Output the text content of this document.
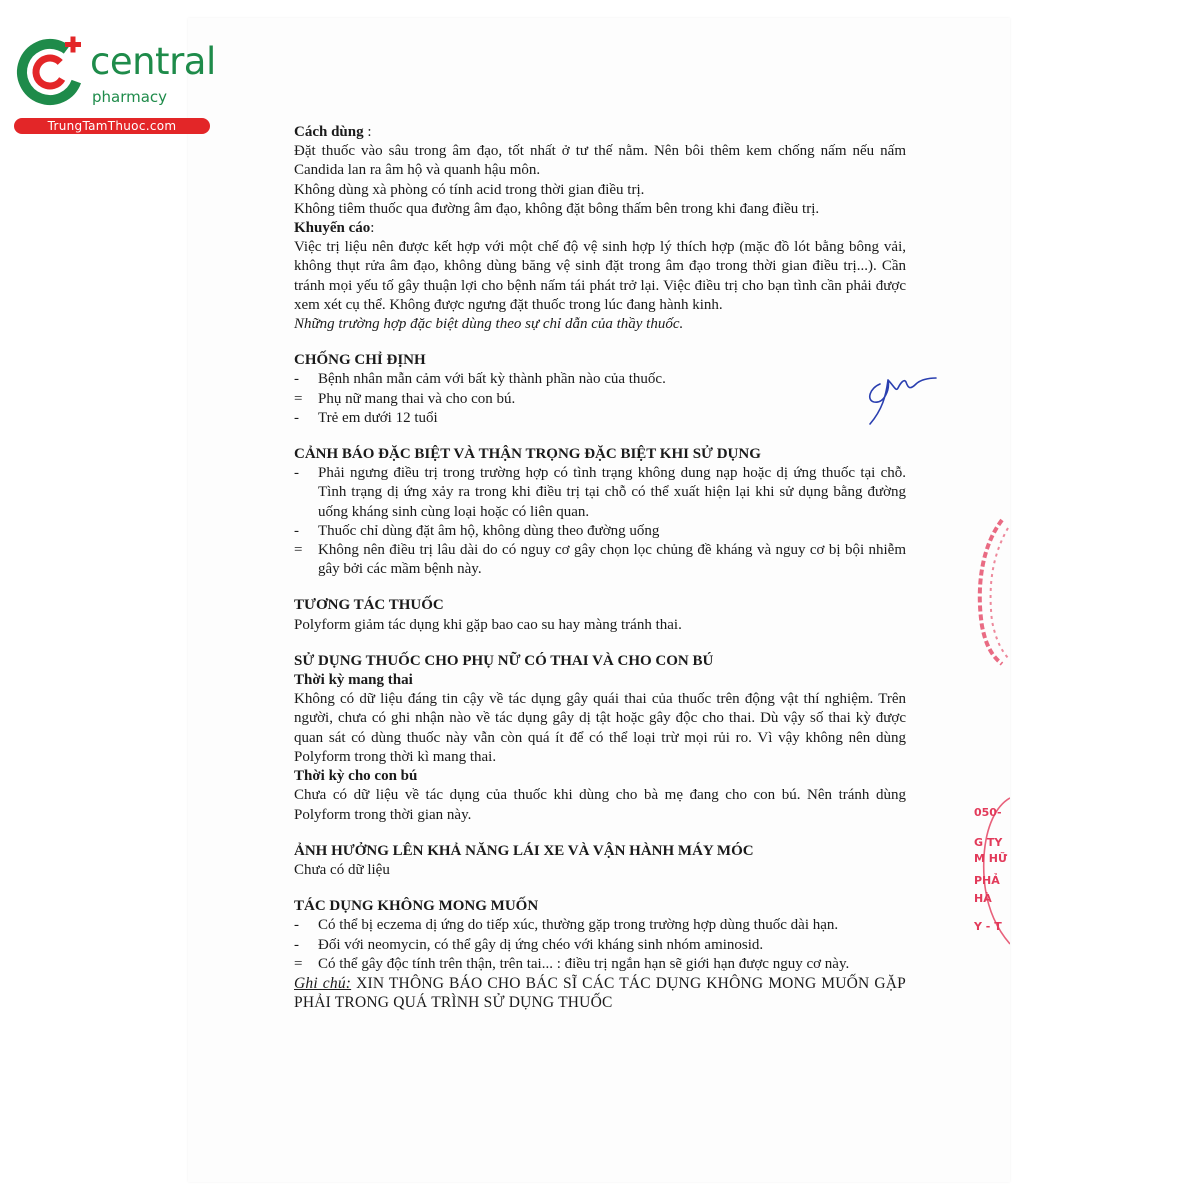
central
pharmacy
TrungTamThuoc.com	Cách dùng :

Đặt thuốc vào sâu trong âm đạo, tốt nhất ở tư thế nằm. Nên bôi thêm kem chống nấm nếu nấm Candida lan ra âm hộ và quanh hậu môn.

Không dùng xà phòng có tính acid trong thời gian điều trị.

Không tiêm thuốc qua đường âm đạo, không đặt bông thấm bên trong khi đang điều trị.

Khuyến cáo:

Việc trị liệu nên được kết hợp với một chế độ vệ sinh hợp lý thích hợp (mặc đồ lót bằng bông vải, không thụt rửa âm đạo, không dùng băng vệ sinh đặt trong âm đạo trong thời gian điều trị...). Cần tránh mọi yếu tố gây thuận lợi cho bệnh nấm tái phát trở lại. Việc điều trị cho bạn tình cần phải được xem xét cụ thể. Không được ngưng đặt thuốc trong lúc đang hành kinh.

Những trường hợp đặc biệt dùng theo sự chỉ dẫn của thầy thuốc.

CHỐNG CHỈ ĐỊNH

-	Bệnh nhân mẫn cảm với bất kỳ thành phần nào của thuốc.
=	Phụ nữ mang thai và cho con bú.
-	Trẻ em dưới 12 tuổi

CẢNH BÁO ĐẶC BIỆT VÀ THẬN TRỌNG ĐẶC BIỆT KHI SỬ DỤNG

-	Phải ngưng điều trị trong trường hợp có tình trạng không dung nạp hoặc dị ứng thuốc tại chỗ. Tình trạng dị ứng xảy ra trong khi điều trị tại chỗ có thể xuất hiện lại khi sử dụng bằng đường uống kháng sinh cùng loại hoặc có liên quan.
-	Thuốc chỉ dùng đặt âm hộ, không dùng theo đường uống
=	Không nên điều trị lâu dài do có nguy cơ gây chọn lọc chủng đề kháng và nguy cơ bị bội nhiễm gây bởi các mầm bệnh này.

TƯƠNG TÁC THUỐC

Polyform giảm tác dụng khi gặp bao cao su hay màng tránh thai.

SỬ DỤNG THUỐC CHO PHỤ NỮ CÓ THAI VÀ CHO CON BÚ

Thời kỳ mang thai

Không có dữ liệu đáng tin cậy về tác dụng gây quái thai của thuốc trên động vật thí nghiệm. Trên người, chưa có ghi nhận nào về tác dụng gây dị tật hoặc gây độc cho thai. Dù vậy số thai kỳ được quan sát có dùng thuốc này vẫn còn quá ít để có thể loại trừ mọi rủi ro. Vì vậy không nên dùng Polyform trong thời kì mang thai.

Thời kỳ cho con bú

Chưa có dữ liệu về tác dụng của thuốc khi dùng cho bà mẹ đang cho con bú. Nên tránh dùng Polyform trong thời gian này.

ẢNH HƯỞNG LÊN KHẢ NĂNG LÁI XE VÀ VẬN HÀNH MÁY MÓC

Chưa có dữ liệu

TÁC DỤNG KHÔNG MONG MUỐN

-	Có thể bị eczema dị ứng do tiếp xúc, thường gặp trong trường hợp dùng thuốc dài hạn.
-	Đối với neomycin, có thể gây dị ứng chéo với kháng sinh nhóm aminosid.
=	Có thể gây độc tính trên thận, trên tai... : điều trị ngắn hạn sẽ giới hạn được nguy cơ này.

Ghi chú: XIN THÔNG BÁO CHO BÁC SĨ CÁC TÁC DỤNG KHÔNG MONG MUỐN GẶP PHẢI TRONG QUÁ TRÌNH SỬ DỤNG THUỐC

050-
G TY
M HỮ
PHẢ
HÀ
Y - T
